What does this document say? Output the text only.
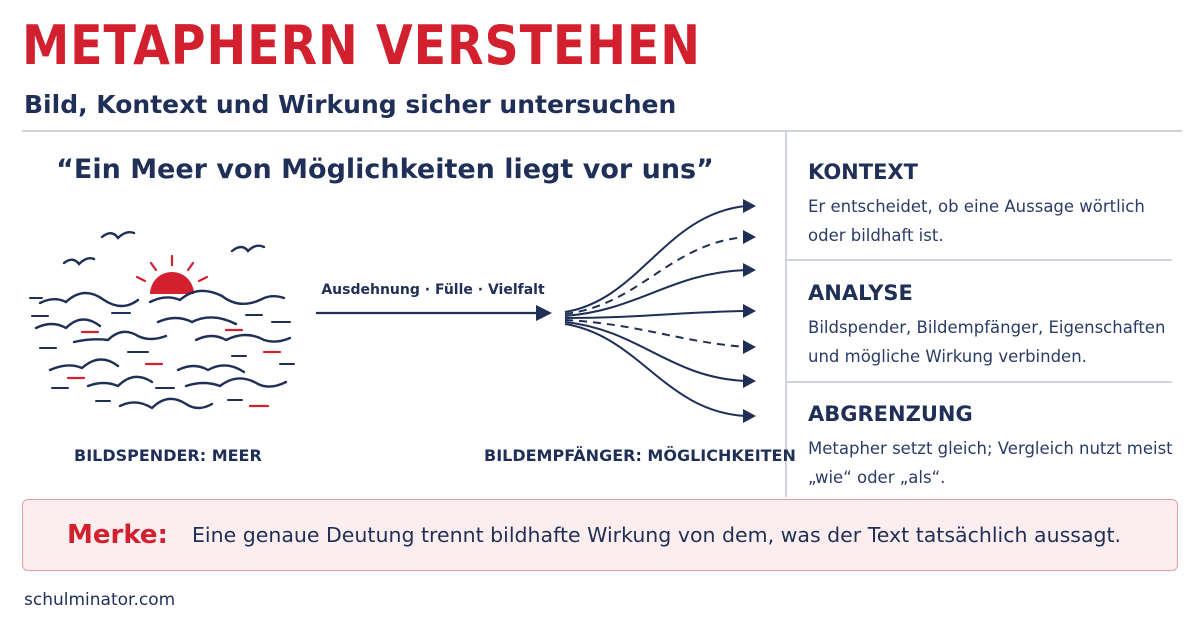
METAPHERN VERSTEHEN
Bild, Kontext und Wirkung sicher untersuchen
“Ein Meer von Möglichkeiten liegt vor uns”
Ausdehnung · Fülle · Vielfalt
BILDSPENDER: MEER	BILDEMPFÄNGER: MÖGLICHKEITEN
KONTEXT

Er entscheidet, ob eine Aussage wörtlich oder bildhaft ist.

ANALYSE

Bildspender, Bildempfänger, Eigenschaften und mögliche Wirkung verbinden.

ABGRENZUNG

Metapher setzt gleich; Vergleich nutzt meist „wie“ oder „als“.

Merke: Eine genaue Deutung trennt bildhafte Wirkung von dem, was der Text tatsächlich aussagt.
schulminator.com
